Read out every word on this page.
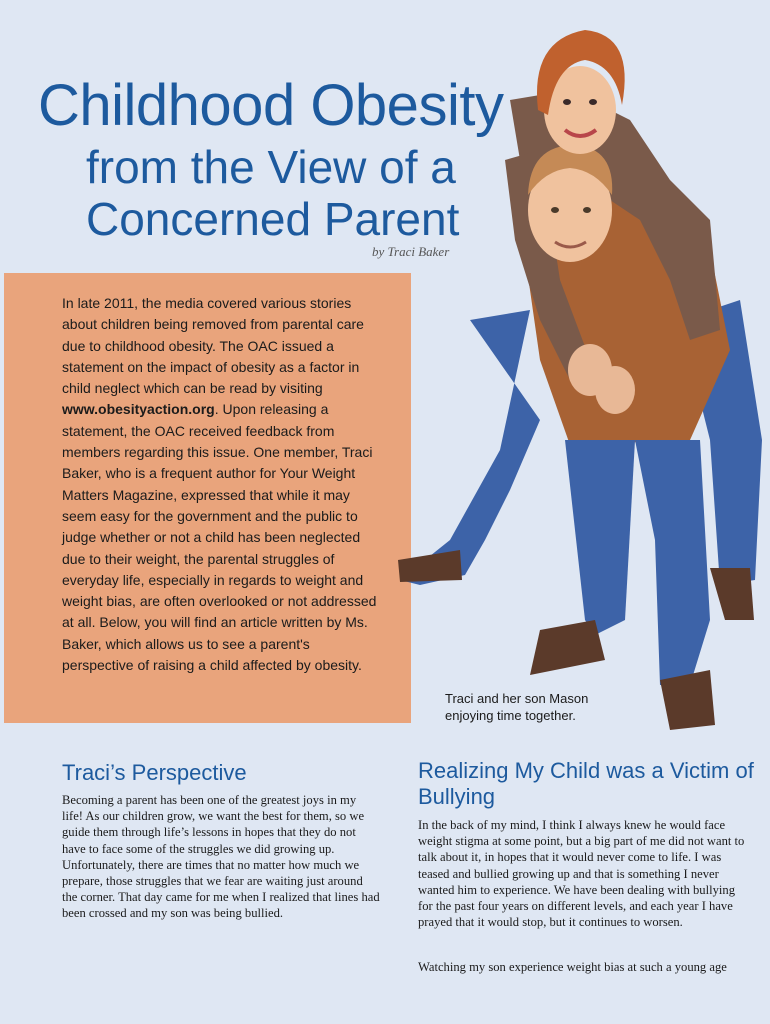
Childhood Obesity
from the View of a
Concerned Parent
by Traci Baker

In late 2011, the media covered various stories about children being removed from parental care due to childhood obesity. The OAC issued a statement on the impact of obesity as a factor in child neglect which can be read by visiting www.obesityaction.org. Upon releasing a statement, the OAC received feedback from members regarding this issue. One member, Traci Baker, who is a frequent author for Your Weight Matters Magazine, expressed that while it may seem easy for the government and the public to judge whether or not a child has been neglected due to their weight, the parental struggles of everyday life, especially in regards to weight and weight bias, are often overlooked or not addressed at all. Below, you will find an article written by Ms. Baker, which allows us to see a parent's perspective of raising a child affected by obesity.

Traci and her son Mason enjoying time together.

Traci’s Perspective

Becoming a parent has been one of the greatest joys in my life! As our children grow, we want the best for them, so we guide them through life’s lessons in hopes that they do not have to face some of the struggles we did growing up. Unfortunately, there are times that no matter how much we prepare, those struggles that we fear are waiting just around the corner. That day came for me when I realized that lines had been crossed and my son was being bullied.

Realizing My Child was a Victim of Bullying

In the back of my mind, I think I always knew he would face weight stigma at some point, but a big part of me did not want to talk about it, in hopes that it would never come to life. I was teased and bullied growing up and that is something I never wanted him to experience. We have been dealing with bullying for the past four years on different levels, and each year I have prayed that it would stop, but it continues to worsen.

Watching my son experience weight bias at such a young age
